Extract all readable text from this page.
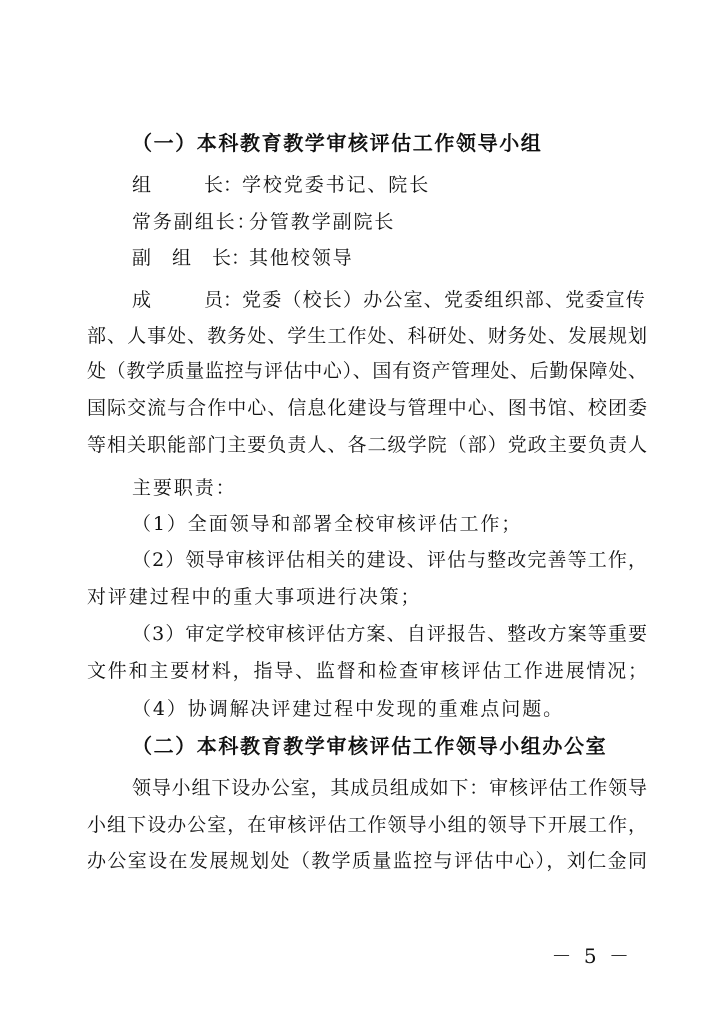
（一）本科教育教学审核评估工作领导小组
组	长：学校党委书记、院长
常务副组长：分管教学副院长
副 组 长：其他校领导
成	员：党委（校长）办公室、党委组织部、党委宣传
部、人事处、教务处、学生工作处、科研处、财务处、发展规划
处（教学质量监控与评估中心）、国有资产管理处、后勤保障处、
国际交流与合作中心、信息化建设与管理中心、图书馆、校团委
等相关职能部门主要负责人、各二级学院（部）党政主要负责人
主要职责：
（1）全面领导和部署全校审核评估工作；
（2）领导审核评估相关的建设、评估与整改完善等工作，
对评建过程中的重大事项进行决策；
（3）审定学校审核评估方案、自评报告、整改方案等重要
文件和主要材料，指导、监督和检查审核评估工作进展情况；
（4）协调解决评建过程中发现的重难点问题。
（二）本科教育教学审核评估工作领导小组办公室
领导小组下设办公室，其成员组成如下：审核评估工作领导
小组下设办公室，在审核评估工作领导小组的领导下开展工作，
办公室设在发展规划处（教学质量监控与评估中心），刘仁金同
－ 5 －
